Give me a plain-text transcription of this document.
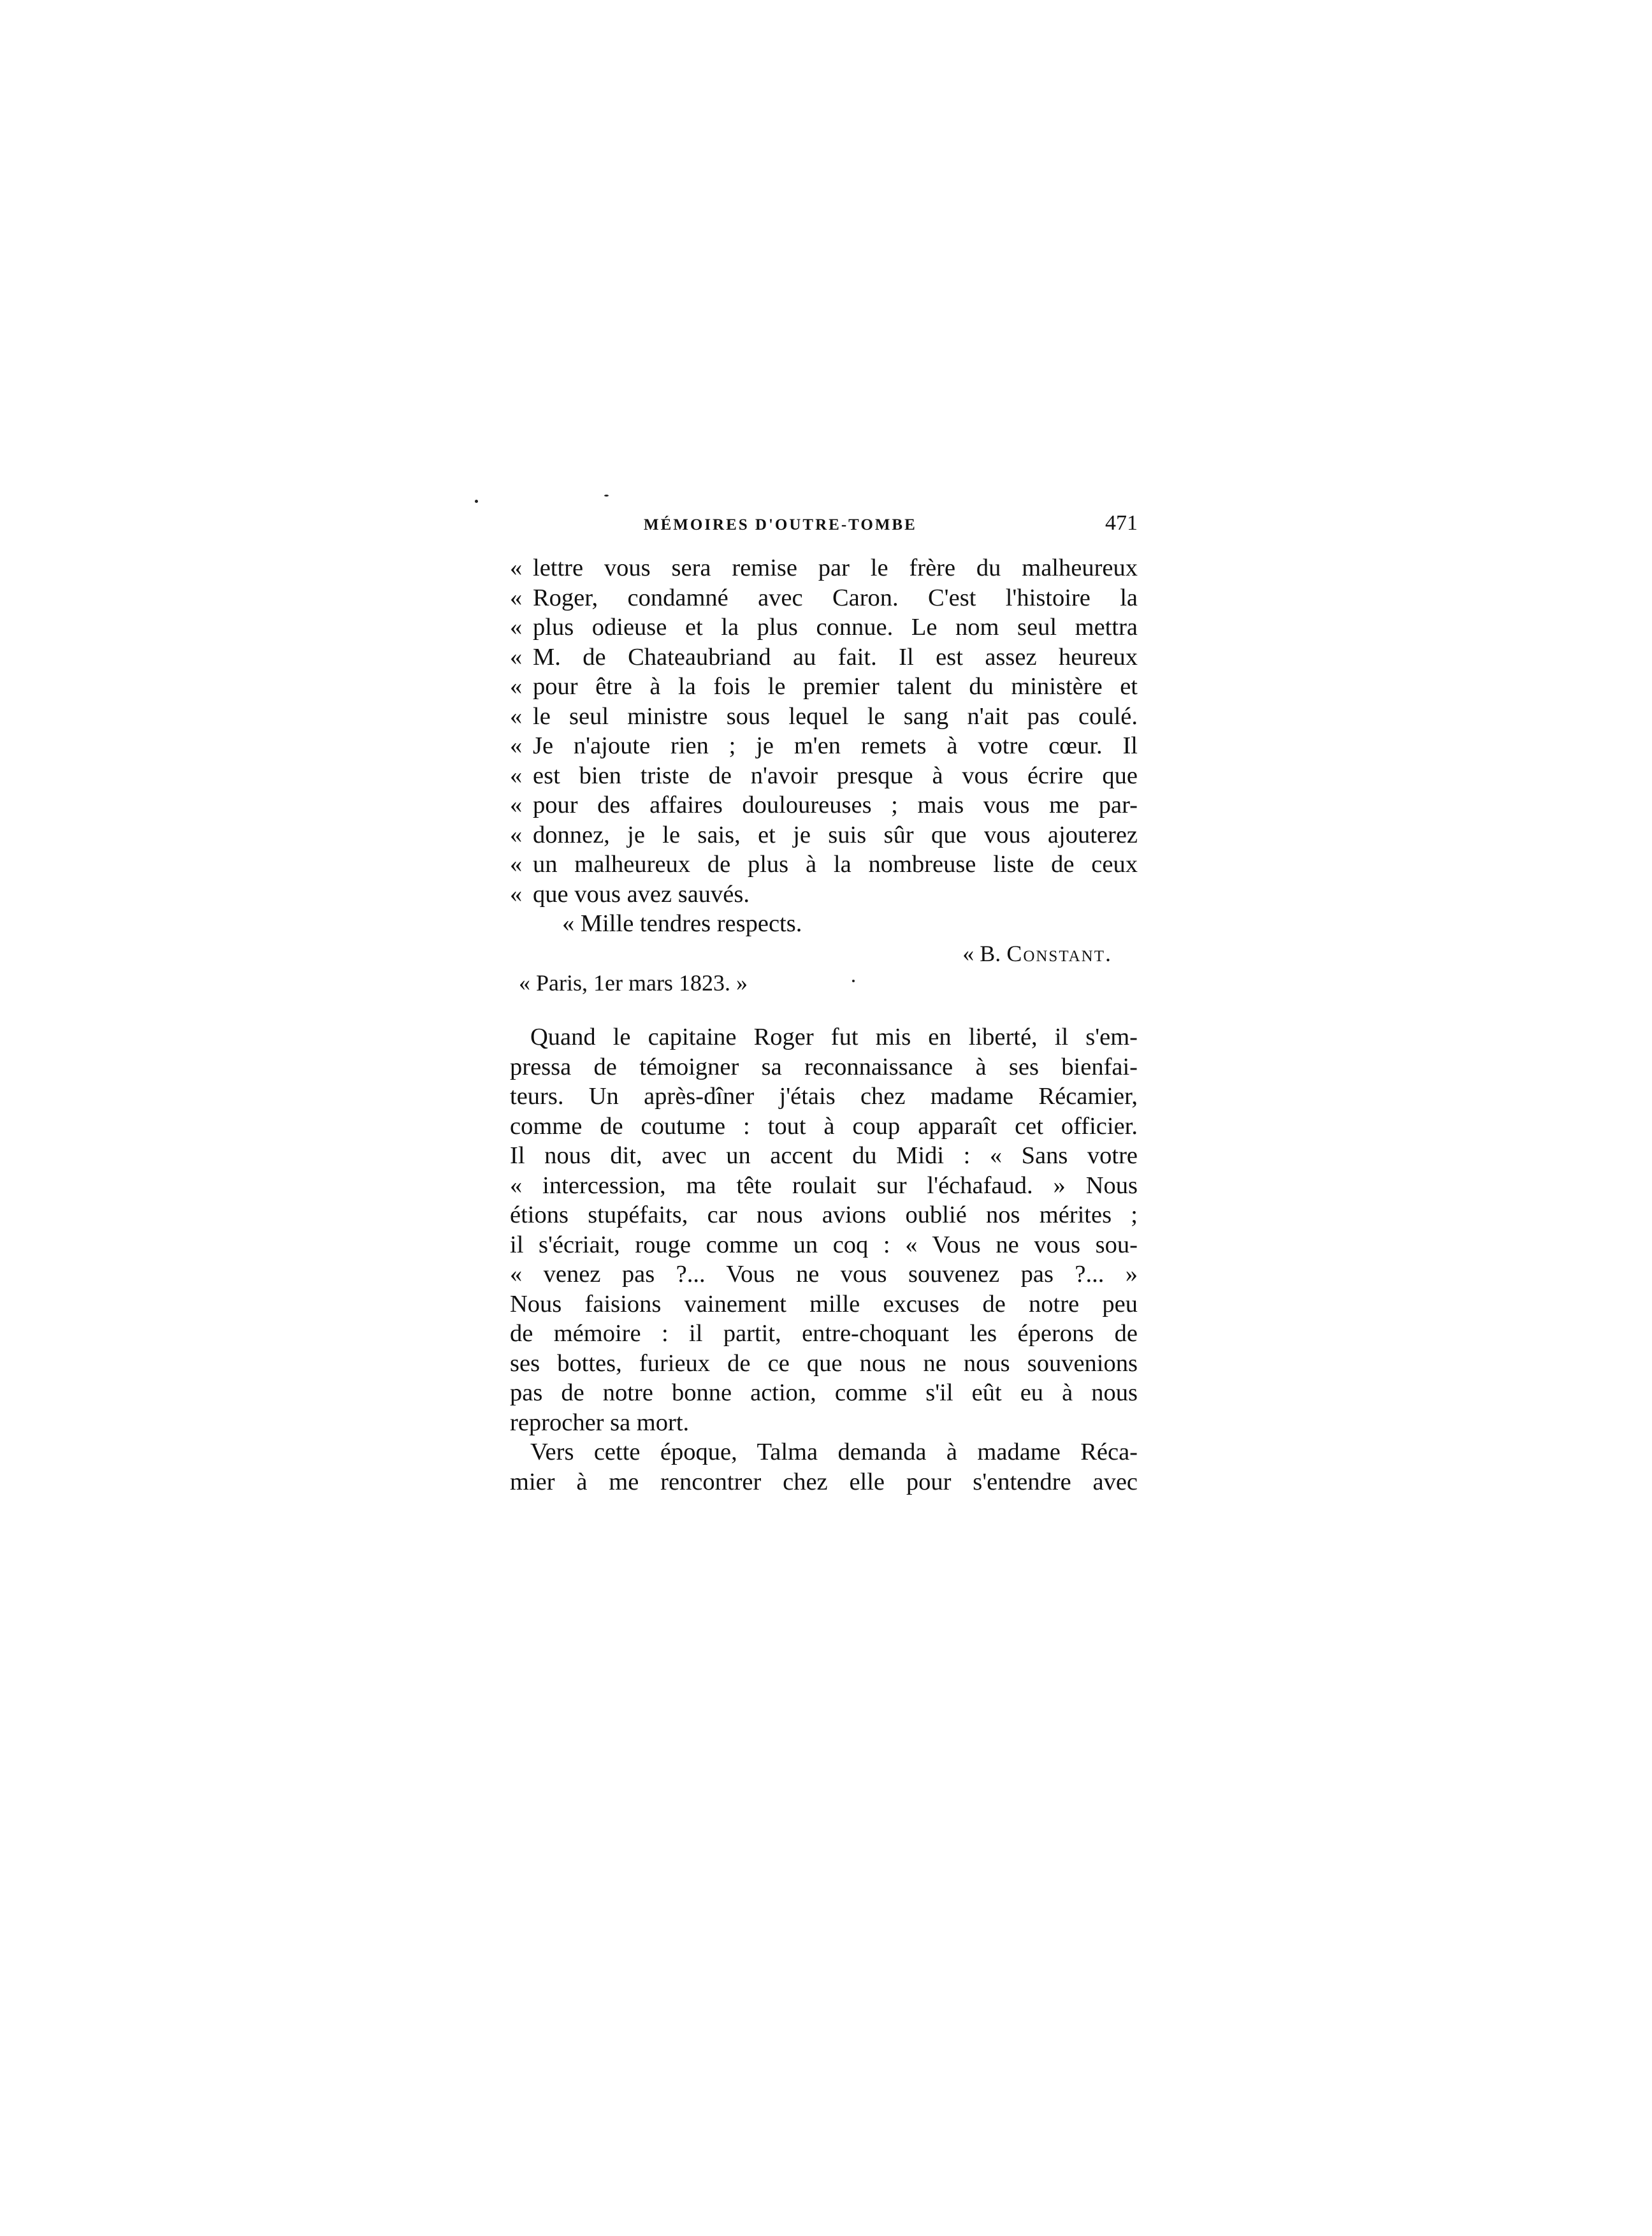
MÉMOIRES D'OUTRE-TOMBE	471
« lettre vous sera remise par le frère du malheureux
« Roger, condamné avec Caron. C'est l'histoire la
« plus odieuse et la plus connue. Le nom seul mettra
« M. de Chateaubriand au fait. Il est assez heureux
« pour être à la fois le premier talent du ministère et
« le seul ministre sous lequel le sang n'ait pas coulé.
« Je n'ajoute rien ; je m'en remets à votre cœur. Il
« est bien triste de n'avoir presque à vous écrire que
« pour des affaires douloureuses ; mais vous me par-
« donnez, je le sais, et je suis sûr que vous ajouterez
« un malheureux de plus à la nombreuse liste de ceux
« que vous avez sauvés.
« Mille tendres respects.
« B. Constant.
« Paris, 1er mars 1823. »
Quand le capitaine Roger fut mis en liberté, il s'em-
pressa de témoigner sa reconnaissance à ses bienfai-
teurs. Un après-dîner j'étais chez madame Récamier,
comme de coutume : tout à coup apparaît cet officier.
Il nous dit, avec un accent du Midi : « Sans votre
« intercession, ma tête roulait sur l'échafaud. » Nous
étions stupéfaits, car nous avions oublié nos mérites ;
il s'écriait, rouge comme un coq : « Vous ne vous sou-
« venez pas ?... Vous ne vous souvenez pas ?... »
Nous faisions vainement mille excuses de notre peu
de mémoire : il partit, entre-choquant les éperons de
ses bottes, furieux de ce que nous ne nous souvenions
pas de notre bonne action, comme s'il eût eu à nous
reprocher sa mort.
Vers cette époque, Talma demanda à madame Réca-
mier à me rencontrer chez elle pour s'entendre avec
